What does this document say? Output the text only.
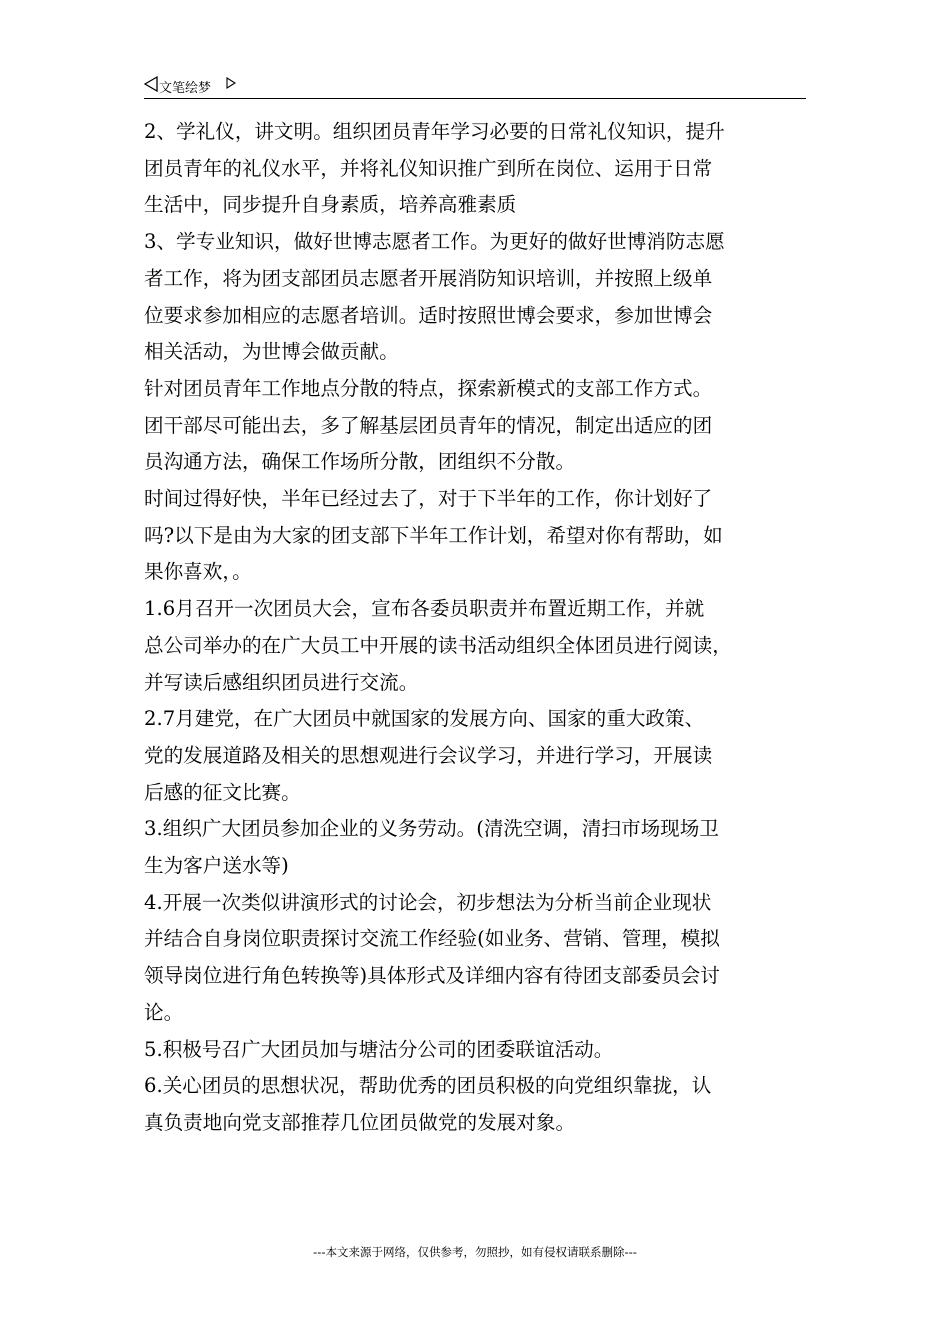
文笔绘梦
2、学礼仪，讲文明。组织团员青年学习必要的日常礼仪知识，提升
团员青年的礼仪水平，并将礼仪知识推广到所在岗位、运用于日常
生活中，同步提升自身素质，培养高雅素质
3、学专业知识，做好世博志愿者工作。为更好的做好世博消防志愿
者工作，将为团支部团员志愿者开展消防知识培训，并按照上级单
位要求参加相应的志愿者培训。适时按照世博会要求，参加世博会
相关活动，为世博会做贡献。
针对团员青年工作地点分散的特点，探索新模式的支部工作方式。
团干部尽可能出去，多了解基层团员青年的情况，制定出适应的团
员沟通方法，确保工作场所分散，团组织不分散。
时间过得好快，半年已经过去了，对于下半年的工作，你计划好了
吗?以下是由为大家的团支部下半年工作计划，希望对你有帮助，如
果你喜欢，。
1.6月召开一次团员大会，宣布各委员职责并布置近期工作，并就
总公司举办的在广大员工中开展的读书活动组织全体团员进行阅读，
并写读后感组织团员进行交流。
2.7月建党，在广大团员中就国家的发展方向、国家的重大政策、
党的发展道路及相关的思想观进行会议学习，并进行学习，开展读
后感的征文比赛。
3.组织广大团员参加企业的义务劳动。(清洗空调，清扫市场现场卫
生为客户送水等)
4.开展一次类似讲演形式的讨论会，初步想法为分析当前企业现状
并结合自身岗位职责探讨交流工作经验(如业务、营销、管理，模拟
领导岗位进行角色转换等)具体形式及详细内容有待团支部委员会讨
论。
5.积极号召广大团员加与塘沽分公司的团委联谊活动。
6.关心团员的思想状况，帮助优秀的团员积极的向党组织靠拢，认
真负责地向党支部推荐几位团员做党的发展对象。
---本文来源于网络，仅供参考，勿照抄，如有侵权请联系删除---
